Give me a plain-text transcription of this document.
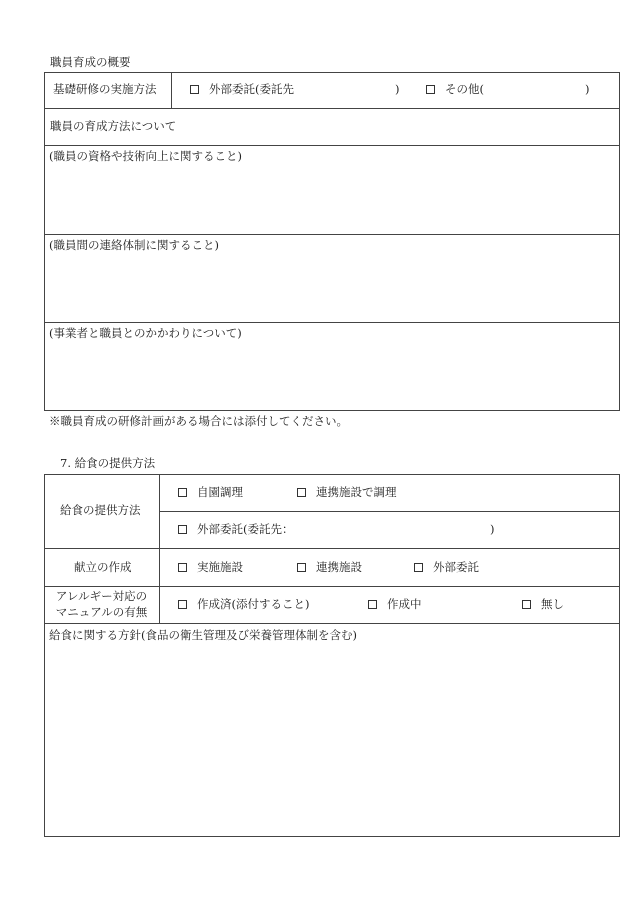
職員育成の概要
基礎研修の実施方法	外部委託(委託先	)	その他(	)
職員の育成方法について
(職員の資格や技術向上に関すること)
(職員間の連絡体制に関すること)
(事業者と職員とのかかわりについて)
※職員育成の研修計画がある場合には添付してください。
7. 給食の提供方法
給食の提供方法
自園調理	連携施設で調理
外部委託(委託先：	)
献立の作成	実施施設	連携施設	外部委託
アレルギー対応の
マニュアルの有無
作成済(添付すること)	作成中	無し
給食に関する方針(食品の衛生管理及び栄養管理体制を含む)
